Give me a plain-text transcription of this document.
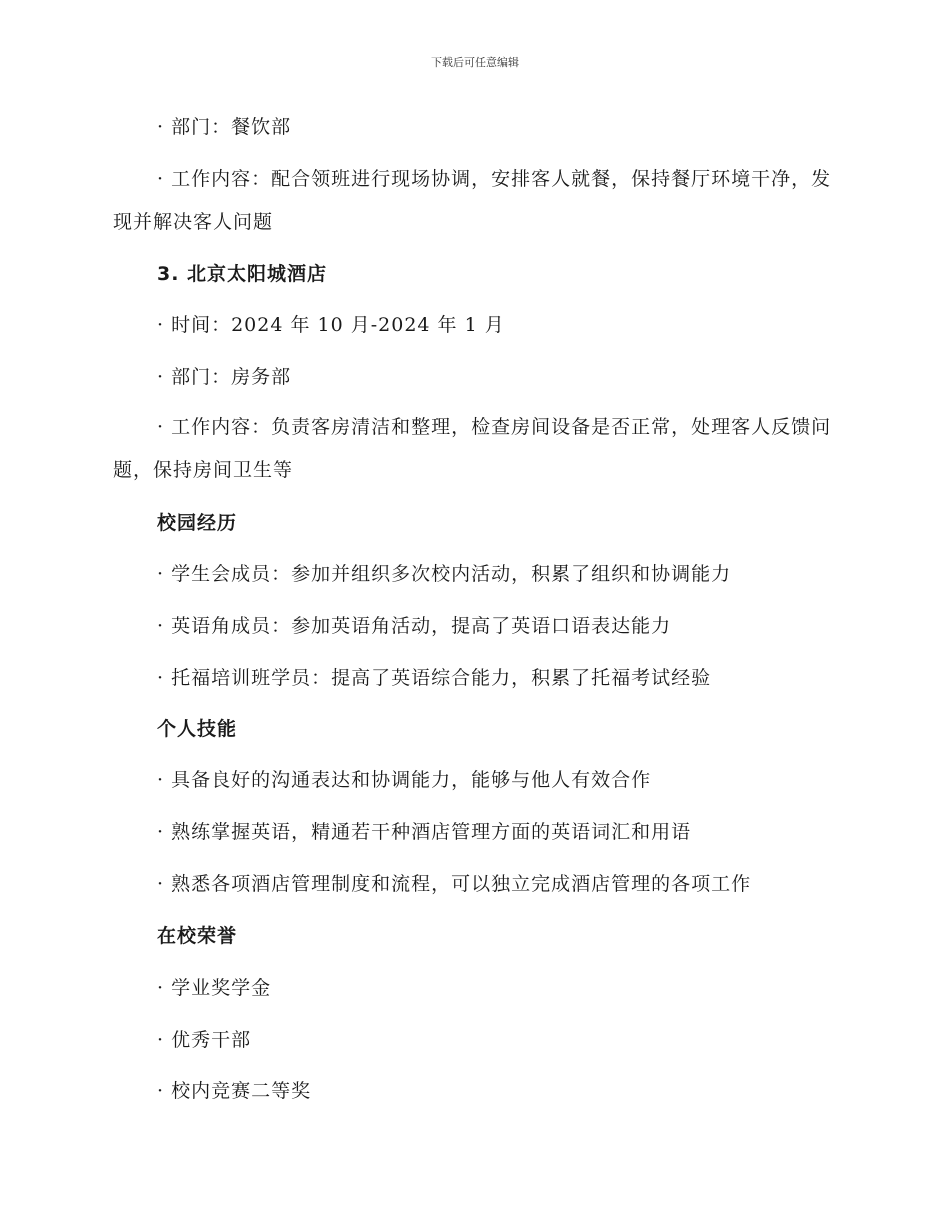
下载后可任意编辑
· 部门：餐饮部
· 工作内容：配合领班进行现场协调，安排客人就餐，保持餐厅环境干净，发现并解决客人问题
3. 北京太阳城酒店
· 时间：2024 年 10 月-2024 年 1 月
· 部门：房务部
· 工作内容：负责客房清洁和整理，检查房间设备是否正常，处理客人反馈问题，保持房间卫生等
校园经历
· 学生会成员：参加并组织多次校内活动，积累了组织和协调能力
· 英语角成员：参加英语角活动，提高了英语口语表达能力
· 托福培训班学员：提高了英语综合能力，积累了托福考试经验
个人技能
· 具备良好的沟通表达和协调能力，能够与他人有效合作
· 熟练掌握英语，精通若干种酒店管理方面的英语词汇和用语
· 熟悉各项酒店管理制度和流程，可以独立完成酒店管理的各项工作
在校荣誉
· 学业奖学金
· 优秀干部
· 校内竞赛二等奖
